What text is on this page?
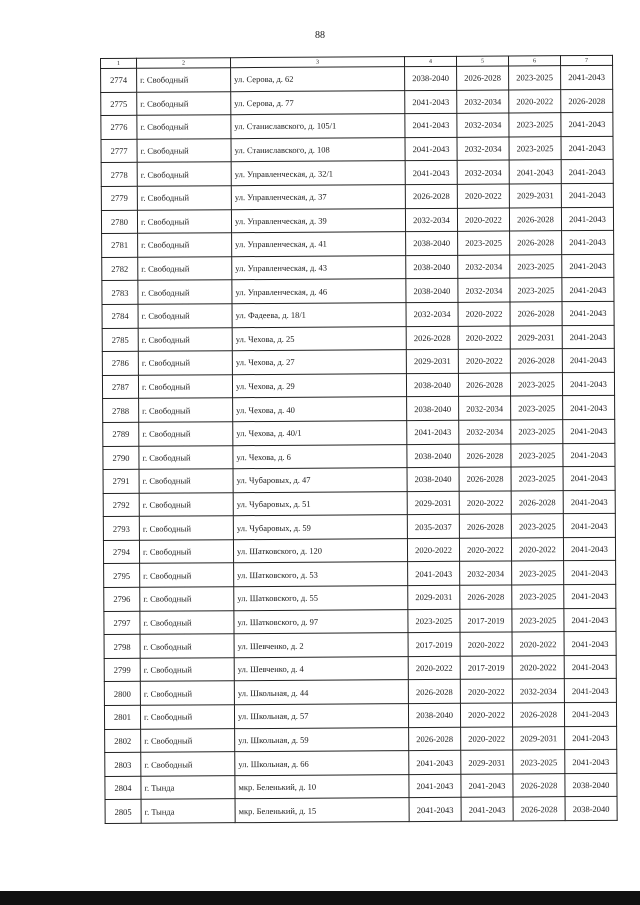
88
1	2	3	4	5	6	7
2774	г. Свободный	ул. Серова, д. 62	2038-2040	2026-2028	2023-2025	2041-2043
2775	г. Свободный	ул. Серова, д. 77	2041-2043	2032-2034	2020-2022	2026-2028
2776	г. Свободный	ул. Станиславского, д. 105/1	2041-2043	2032-2034	2023-2025	2041-2043
2777	г. Свободный	ул. Станиславского, д. 108	2041-2043	2032-2034	2023-2025	2041-2043
2778	г. Свободный	ул. Управленческая, д. 32/1	2041-2043	2032-2034	2041-2043	2041-2043
2779	г. Свободный	ул. Управленческая, д. 37	2026-2028	2020-2022	2029-2031	2041-2043
2780	г. Свободный	ул. Управленческая, д. 39	2032-2034	2020-2022	2026-2028	2041-2043
2781	г. Свободный	ул. Управленческая, д. 41	2038-2040	2023-2025	2026-2028	2041-2043
2782	г. Свободный	ул. Управленческая, д. 43	2038-2040	2032-2034	2023-2025	2041-2043
2783	г. Свободный	ул. Управленческая, д. 46	2038-2040	2032-2034	2023-2025	2041-2043
2784	г. Свободный	ул. Фадеева, д. 18/1	2032-2034	2020-2022	2026-2028	2041-2043
2785	г. Свободный	ул. Чехова, д. 25	2026-2028	2020-2022	2029-2031	2041-2043
2786	г. Свободный	ул. Чехова, д. 27	2029-2031	2020-2022	2026-2028	2041-2043
2787	г. Свободный	ул. Чехова, д. 29	2038-2040	2026-2028	2023-2025	2041-2043
2788	г. Свободный	ул. Чехова, д. 40	2038-2040	2032-2034	2023-2025	2041-2043
2789	г. Свободный	ул. Чехова, д. 40/1	2041-2043	2032-2034	2023-2025	2041-2043
2790	г. Свободный	ул. Чехова, д. 6	2038-2040	2026-2028	2023-2025	2041-2043
2791	г. Свободный	ул. Чубаровых, д. 47	2038-2040	2026-2028	2023-2025	2041-2043
2792	г. Свободный	ул. Чубаровых, д. 51	2029-2031	2020-2022	2026-2028	2041-2043
2793	г. Свободный	ул. Чубаровых, д. 59	2035-2037	2026-2028	2023-2025	2041-2043
2794	г. Свободный	ул. Шатковского, д. 120	2020-2022	2020-2022	2020-2022	2041-2043
2795	г. Свободный	ул. Шатковского, д. 53	2041-2043	2032-2034	2023-2025	2041-2043
2796	г. Свободный	ул. Шатковского, д. 55	2029-2031	2026-2028	2023-2025	2041-2043
2797	г. Свободный	ул. Шатковского, д. 97	2023-2025	2017-2019	2023-2025	2041-2043
2798	г. Свободный	ул. Шевченко, д. 2	2017-2019	2020-2022	2020-2022	2041-2043
2799	г. Свободный	ул. Шевченко, д. 4	2020-2022	2017-2019	2020-2022	2041-2043
2800	г. Свободный	ул. Школьная, д. 44	2026-2028	2020-2022	2032-2034	2041-2043
2801	г. Свободный	ул. Школьная, д. 57	2038-2040	2020-2022	2026-2028	2041-2043
2802	г. Свободный	ул. Школьная, д. 59	2026-2028	2020-2022	2029-2031	2041-2043
2803	г. Свободный	ул. Школьная, д. 66	2041-2043	2029-2031	2023-2025	2041-2043
2804	г. Тында	мкр. Беленький, д. 10	2041-2043	2041-2043	2026-2028	2038-2040
2805	г. Тында	мкр. Беленький, д. 15	2041-2043	2041-2043	2026-2028	2038-2040
